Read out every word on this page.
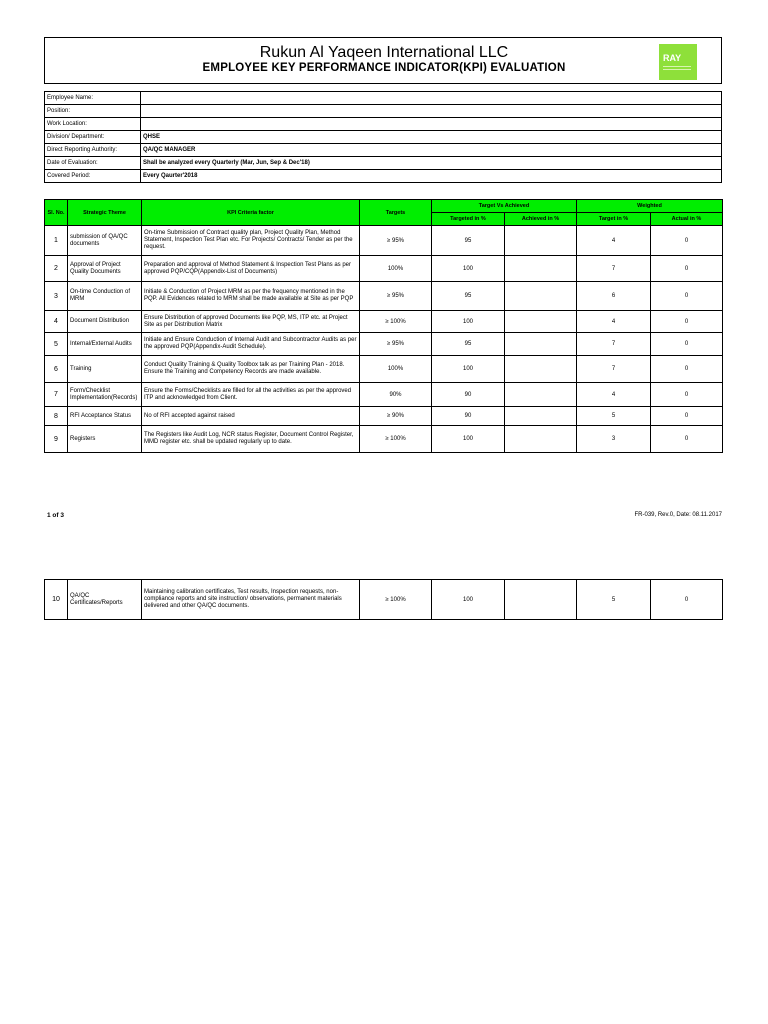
Rukun Al Yaqeen International LLC
EMPLOYEE KEY PERFORMANCE INDICATOR(KPI) EVALUATION
RAY
Employee Name:	
Position:	
Work Location:	
Division/ Department:	QHSE
Direct Reporting Authority:	QA/QC MANAGER
Date of Evaluation:	Shall be analyzed every Quarterly (Mar, Jun, Sep & Dec'18)
Covered Period:	Every Qaurter'2018
Sl. No.	Strategic Theme	KPI Criteria factor	Targets	Target Vs Achieved		Weighted	
				Targeted in %	Achieved in %	Target in %	Actual in %
1	submission of QA/QC documents	On-time Submission of Contract quality plan, Project Quality Plan, Method Statement, Inspection Test Plan etc. For Projects/ Contracts/ Tender as per the request.	≥ 95%	95		4	0
2	Approval of Project Quality Documents	Preparation and approval of Method Statement & Inspection Test Plans as per approved PQP/CQP(Appendix-List of Documents)	100%	100		7	0
3	On-time Conduction of MRM	Initiate & Conduction of Project MRM as per the frequency mentioned in the PQP. All Evidences related to MRM shall be made available at Site as per PQP	≥ 95%	95		6	0
4	Document Distribution	Ensure Distribution of approved Documents like PQP, MS, ITP etc. at Project Site as per Distribution Matrix	≥ 100%	100		4	0
5	Internal/External Audits	Initiate and Ensure Conduction of Internal Audit and Subcontractor Audits as per the approved PQP(Appendix-Audit Schedule).	≥ 95%	95		7	0
6	Training	Conduct Quality Training & Quality Toolbox talk as per Training Plan - 2018. Ensure the Training and Competency Records are made available.	100%	100		7	0
7	Form/Checklist Implementation(Records)	Ensure the Forms/Checklists are filled for all the activities as per the approved ITP and acknowledged from Client.	90%	90		4	0
8	RFI Acceptance Status	No of RFI accepted against raised	≥ 90%	90		5	0
9	Registers	The Registers like Audit Log, NCR status Register, Document Control Register, MMD register etc. shall be updated regularly up to date.	≥ 100%	100		3	0
1 of 3	FR-039, Rev.0, Date: 08.11.2017
10	QA/QC Certificates/Reports	Maintaining calibration certificates, Test results, Inspection requests, non-compliance reports and site instruction/ observations, permanent materials delivered and other QA/QC documents.	≥ 100%	100		5	0
